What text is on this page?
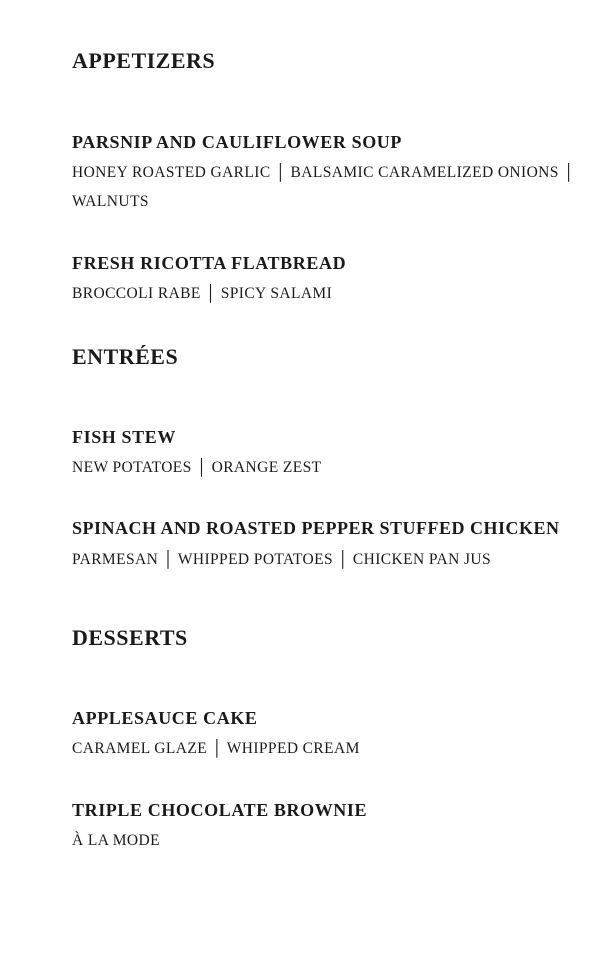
APPETIZERS
PARSNIP AND CAULIFLOWER SOUP

HONEY ROASTED GARLIC │ BALSAMIC CARAMELIZED ONIONS │ WALNUTS

FRESH RICOTTA FLATBREAD

BROCCOLI RABE │ SPICY SALAMI

ENTRÉES
FISH STEW

NEW POTATOES │ ORANGE ZEST

SPINACH AND ROASTED PEPPER STUFFED CHICKEN

PARMESAN │ WHIPPED POTATOES │ CHICKEN PAN JUS

DESSERTS
APPLESAUCE CAKE

CARAMEL GLAZE │ WHIPPED CREAM

TRIPLE CHOCOLATE BROWNIE

À LA MODE
